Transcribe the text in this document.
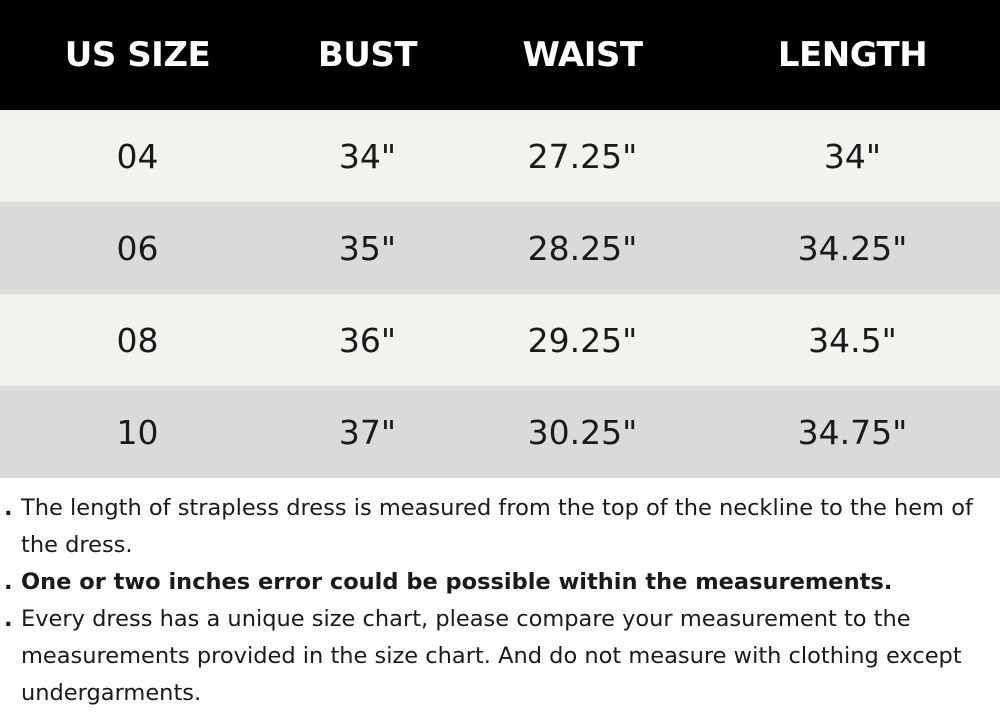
US SIZE	BUST	WAIST	LENGTH
04	34"	27.25"	34"
06	35"	28.25"	34.25"
08	36"	29.25"	34.5"
10	37"	30.25"	34.75"
. The length of strapless dress is measured from the top of the neckline to the hem of the dress.
. One or two inches error could be possible within the measurements.
. Every dress has a unique size chart, please compare your measurement to the measurements provided in the size chart. And do not measure with clothing except undergarments.
